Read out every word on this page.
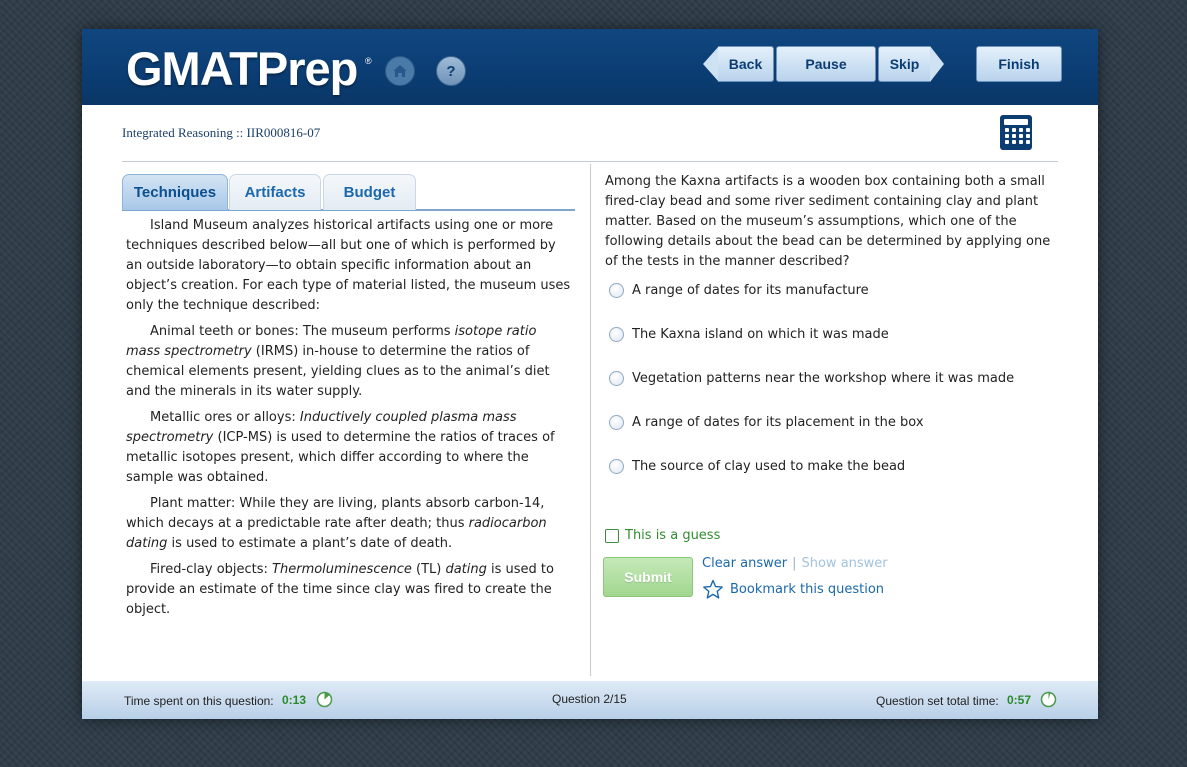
GMATPrep ®
?	Back	Pause	Skip	Finish
Integrated Reasoning :: IIR000816-07
Techniques	Artifacts	Budget

Island Museum analyzes historical artifacts using one or more techniques described below—all but one of which is performed by an outside laboratory—to obtain specific information about an object’s creation. For each type of material listed, the museum uses only the technique described:

Animal teeth or bones: The museum performs isotope ratio mass spectrometry (IRMS) in-house to determine the ratios of chemical elements present, yielding clues as to the animal’s diet and the minerals in its water supply.

Metallic ores or alloys: Inductively coupled plasma mass spectrometry (ICP-MS) is used to determine the ratios of traces of metallic isotopes present, which differ according to where the sample was obtained.

Plant matter: While they are living, plants absorb carbon-14, which decays at a predictable rate after death; thus radiocarbon dating is used to estimate a plant’s date of death.

Fired-clay objects: Thermoluminescence (TL) dating is used to provide an estimate of the time since clay was fired to create the object.

Among the Kaxna artifacts is a wooden box containing both a small fired-clay bead and some river sediment containing clay and plant matter. Based on the museum’s assumptions, which one of the following details about the bead can be determined by applying one of the tests in the manner described?
A range of dates for its manufacture
The Kaxna island on which it was made
Vegetation patterns near the workshop where it was made
A range of dates for its placement in the box
The source of clay used to make the bead
This is a guess
Submit
Clear answer | Show answer
Bookmark this question
Time spent on this question: 0:13	Question 2/15	Question set total time: 0:57
